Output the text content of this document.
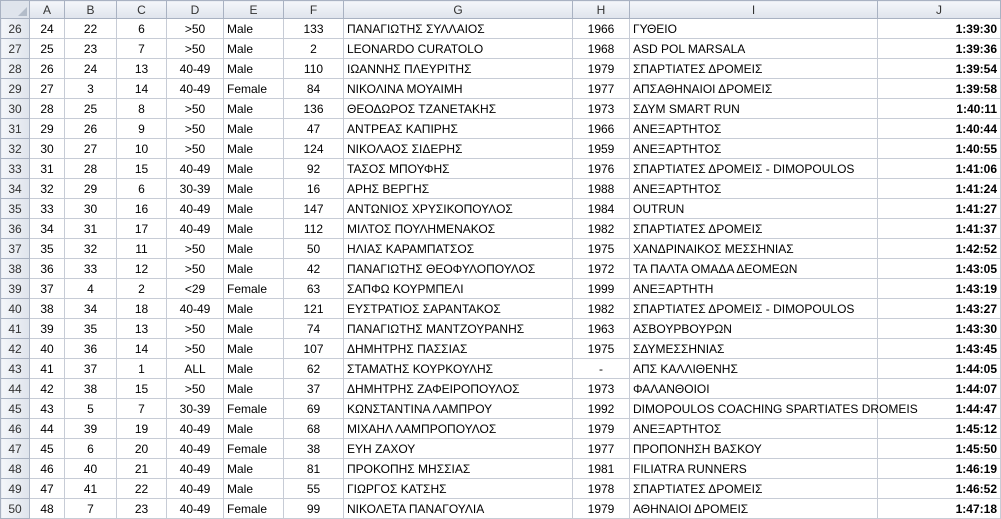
	A	B	C	D	E	F	G	H	I	J
26	24	22	6	>50	Male	133	ΠΑΝΑΓΙΩΤΗΣ ΣΥΛΛΑΙΟΣ	1966	ΓΥΘΕΙΟ	1:39:30
27	25	23	7	>50	Male	2	LEONARDO CURATOLO	1968	ASD POL MARSALA	1:39:36
28	26	24	13	40-49	Male	110	ΙΩΑΝΝΗΣ ΠΛΕΥΡΙΤΗΣ	1979	ΣΠΑΡΤΙΑΤΕΣ ΔΡΟΜΕΙΣ	1:39:54
29	27	3	14	40-49	Female	84	ΝΙΚΟΛΙΝΑ ΜΟΥΑΙΜΗ	1977	ΑΠΣΑΘΗΝΑΙΟΙ ΔΡΟΜΕΙΣ	1:39:58
30	28	25	8	>50	Male	136	ΘΕΟΔΩΡΟΣ ΤΖΑΝΕΤΑΚΗΣ	1973	ΣΔΥΜ SMART RUN	1:40:11
31	29	26	9	>50	Male	47	ΑΝΤΡΕΑΣ ΚΑΠΙΡΗΣ	1966	ΑΝΕΞΑΡΤΗΤΟΣ	1:40:44
32	30	27	10	>50	Male	124	ΝΙΚΟΛΑΟΣ ΣΙΔΕΡΗΣ	1959	ΑΝΕΞΑΡΤΗΤΟΣ	1:40:55
33	31	28	15	40-49	Male	92	ΤΑΣΟΣ ΜΠΟΥΦΗΣ	1976	ΣΠΑΡΤΙΑΤΕΣ ΔΡΟΜΕΙΣ - DIMOPOULOS	1:41:06
34	32	29	6	30-39	Male	16	ΑΡΗΣ ΒΕΡΓΗΣ	1988	ΑΝΕΞΑΡΤΗΤΟΣ	1:41:24
35	33	30	16	40-49	Male	147	ΑΝΤΩΝΙΟΣ ΧΡΥΣΙΚΟΠΟΥΛΟΣ	1984	OUTRUN	1:41:27
36	34	31	17	40-49	Male	112	ΜΙΛΤΟΣ ΠΟΥΛΗΜΕΝΑΚΟΣ	1982	ΣΠΑΡΤΙΑΤΕΣ ΔΡΟΜΕΙΣ	1:41:37
37	35	32	11	>50	Male	50	ΗΛΙΑΣ ΚΑΡΑΜΠΑΤΣΟΣ	1975	ΧΑΝΔΡΙΝΑΙΚΟΣ ΜΕΣΣΗΝΙΑΣ	1:42:52
38	36	33	12	>50	Male	42	ΠΑΝΑΓΙΩΤΗΣ ΘΕΟΦΥΛΟΠΟΥΛΟΣ	1972	ΤΑ ΠΑΛΤΑ ΟΜΑΔΑ ΔΕΟΜΕΩΝ	1:43:05
39	37	4	2	<29	Female	63	ΣΑΠΦΩ ΚΟΥΡΜΠΕΛΙ	1999	ΑΝΕΞΑΡΤΗΤΗ	1:43:19
40	38	34	18	40-49	Male	121	ΕΥΣΤΡΑΤΙΟΣ ΣΑΡΑΝΤΑΚΟΣ	1982	ΣΠΑΡΤΙΑΤΕΣ ΔΡΟΜΕΙΣ - DIMOPOULOS	1:43:27
41	39	35	13	>50	Male	74	ΠΑΝΑΓΙΩΤΗΣ ΜΑΝΤΖΟΥΡΑΝΗΣ	1963	ΑΣΒΟΥΡΒΟΥΡΩΝ	1:43:30
42	40	36	14	>50	Male	107	ΔΗΜΗΤΡΗΣ ΠΑΣΣΙΑΣ	1975	ΣΔΥΜΕΣΣΗΝΙΑΣ	1:43:45
43	41	37	1	ALL	Male	62	ΣΤΑΜΑΤΗΣ ΚΟΥΡΚΟΥΛΗΣ	-	ΑΠΣ ΚΑΛΛΙΘΕΝΗΣ	1:44:05
44	42	38	15	>50	Male	37	ΔΗΜΗΤΡΗΣ ΖΑΦΕΙΡΟΠΟΥΛΟΣ	1973	ΦΑΛΑΝΘΟΙΟΙ	1:44:07
45	43	5	7	30-39	Female	69	ΚΩΝΣΤΑΝΤΙΝΑ ΛΑΜΠΡΟΥ	1992	DIMOPOULOS COACHING SPARTIATES DROMEIS	1:44:47
46	44	39	19	40-49	Male	68	ΜΙΧΑΗΛ ΛΑΜΠΡΟΠΟΥΛΟΣ	1979	ΑΝΕΞΑΡΤΗΤΟΣ	1:45:12
47	45	6	20	40-49	Female	38	ΕΥΗ ΖΑΧΟΥ	1977	ΠΡΟΠΟΝΗΣΗ ΒΑΣΚΟΥ	1:45:50
48	46	40	21	40-49	Male	81	ΠΡΟΚΟΠΗΣ ΜΗΣΣΙΑΣ	1981	FILIATRA RUNNERS	1:46:19
49	47	41	22	40-49	Male	55	ΓΙΩΡΓΟΣ ΚΑΤΣΗΣ	1978	ΣΠΑΡΤΙΑΤΕΣ ΔΡΟΜΕΙΣ	1:46:52
50	48	7	23	40-49	Female	99	ΝΙΚΟΛΕΤΑ ΠΑΝΑΓΟΥΛΙΑ	1979	ΑΘΗΝΑΙΟΙ ΔΡΟΜΕΙΣ	1:47:18
